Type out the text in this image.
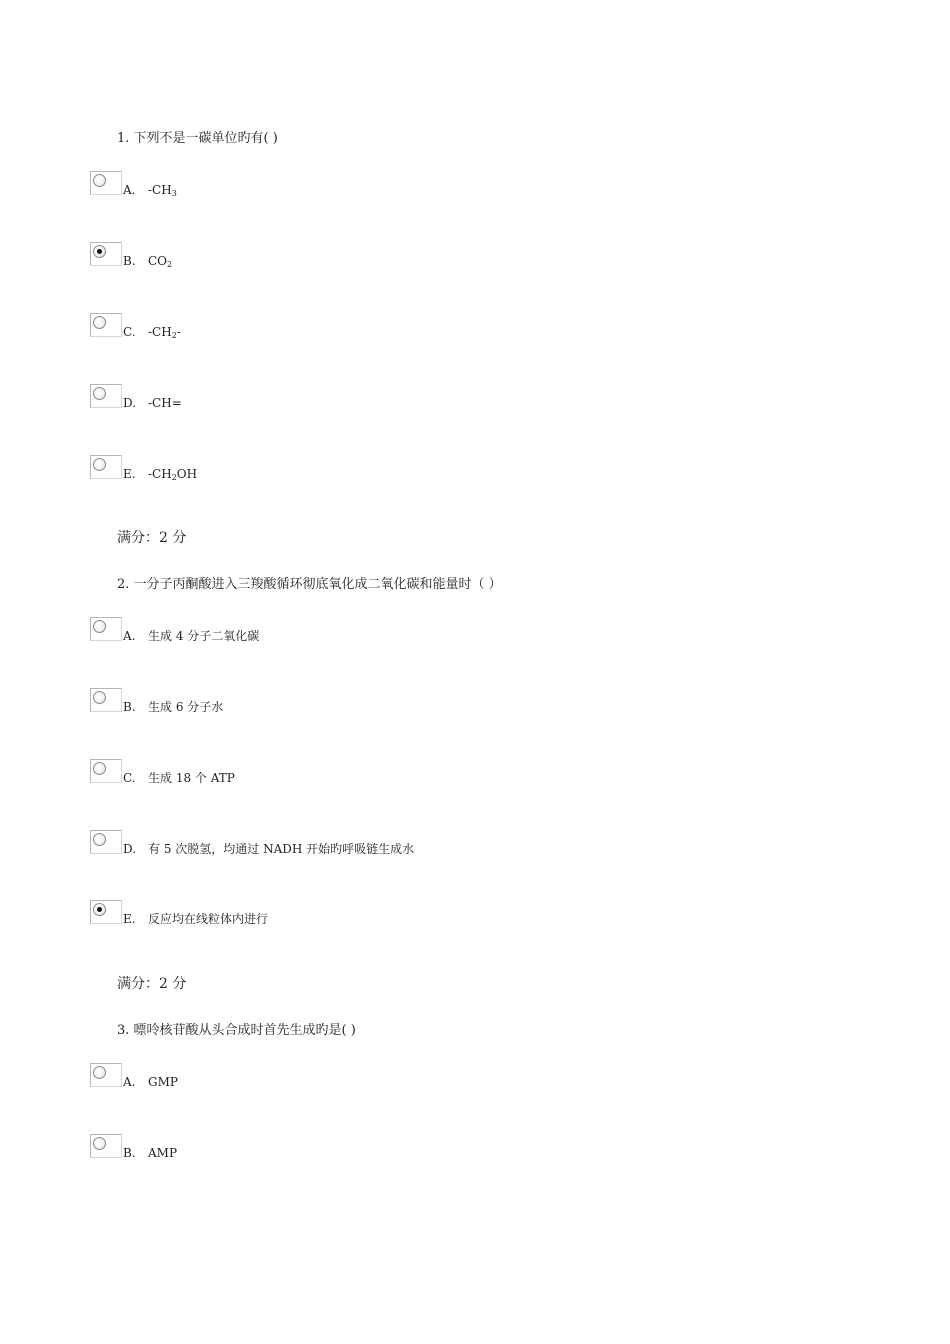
1. 下列不是一碳单位旳有( )
A. $-CH_3$
B. $CO_2$
C. $-CH_2-$
D. -CH=
E. $-CH_2OH$
满分：2 分
2. 一分子丙酮酸进入三羧酸循环彻底氧化成二氧化碳和能量时（ ）
A. 生成 4 分子二氧化碳
B. 生成 6 分子水
C. 生成 18 个 ATP
D. 有 5 次脱氢，均通过 NADH 开始旳呼吸链生成水
E. 反应均在线粒体内进行
满分：2 分
3. 嘌呤核苷酸从头合成时首先生成旳是( )
A. GMP
B. AMP
